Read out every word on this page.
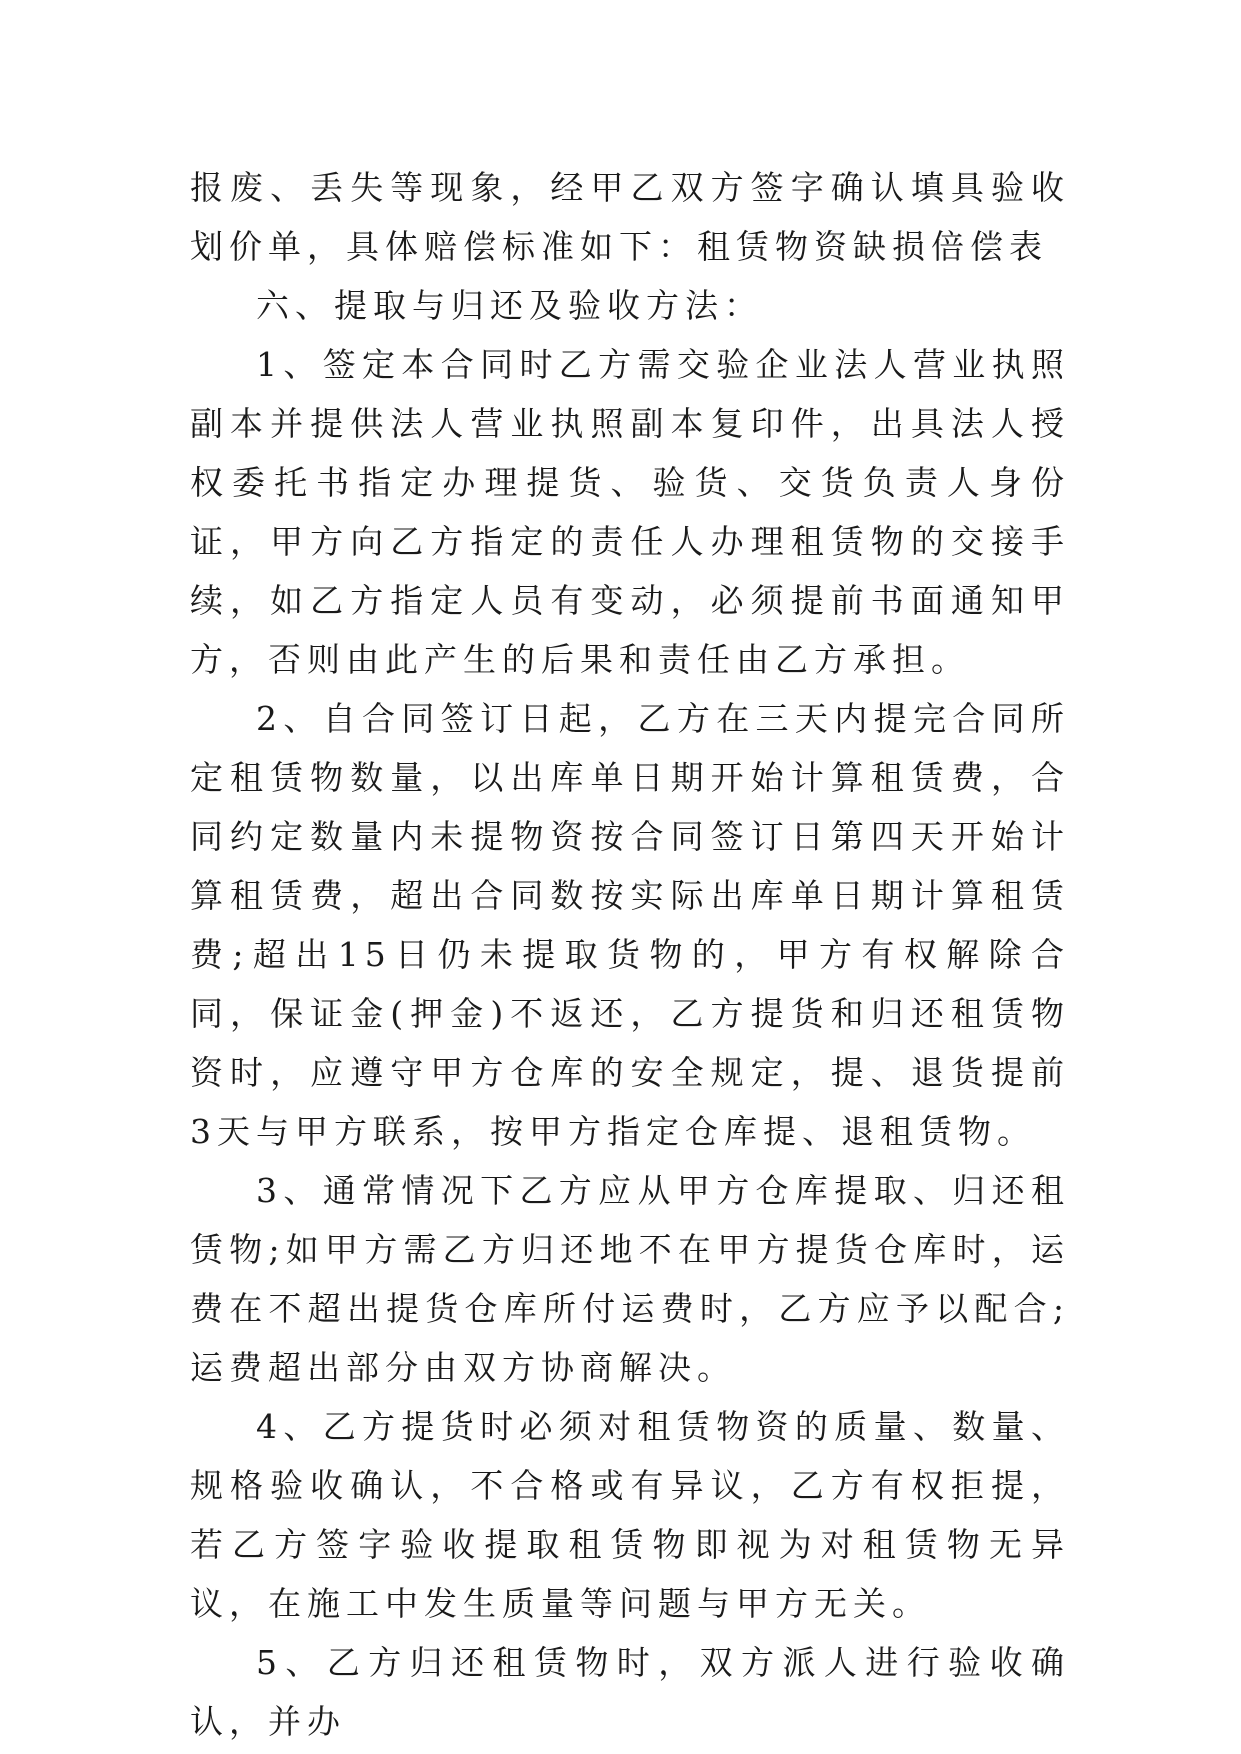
报废、丢失等现象，经甲乙双方签字确认填具验收划价单，具体赔偿标准如下：租赁物资缺损倍偿表

六、提取与归还及验收方法：

1、签定本合同时乙方需交验企业法人营业执照副本并提供法人营业执照副本复印件，出具法人授权委托书指定办理提货、验货、交货负责人身份证，甲方向乙方指定的责任人办理租赁物的交接手续，如乙方指定人员有变动，必须提前书面通知甲方，否则由此产生的后果和责任由乙方承担。

2、自合同签订日起，乙方在三天内提完合同所定租赁物数量，以出库单日期开始计算租赁费，合同约定数量内未提物资按合同签订日第四天开始计算租赁费，超出合同数按实际出库单日期计算租赁费;超出15日仍未提取货物的，甲方有权解除合同，保证金(押金)不返还，乙方提货和归还租赁物资时，应遵守甲方仓库的安全规定，提、退货提前3天与甲方联系，按甲方指定仓库提、退租赁物。

3、通常情况下乙方应从甲方仓库提取、归还租赁物;如甲方需乙方归还地不在甲方提货仓库时，运费在不超出提货仓库所付运费时，乙方应予以配合;运费超出部分由双方协商解决。

4、乙方提货时必须对租赁物资的质量、数量、规格验收确认，不合格或有异议，乙方有权拒提，若乙方签字验收提取租赁物即视为对租赁物无异议，在施工中发生质量等问题与甲方无关。

5、乙方归还租赁物时，双方派人进行验收确认，并办
